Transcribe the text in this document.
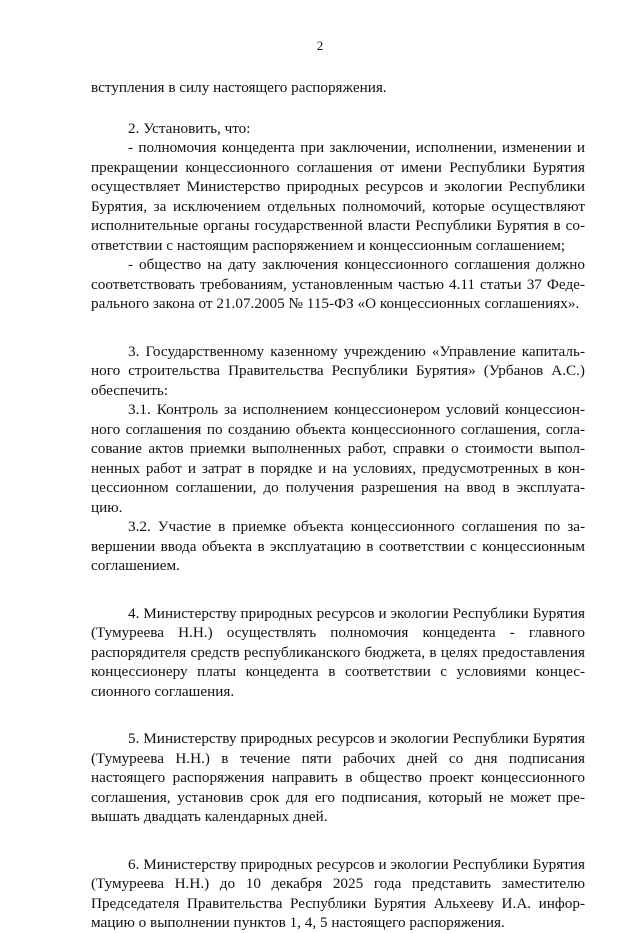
2

вступления в силу настоящего распоряжения.

2. Установить, что:

- полномочия концедента при заключении, исполнении, изменении и прекращении концессионного соглашения от имени Республики Бурятия осуществляет Министерство природных ресурсов и экологии Республики Бурятия, за исключением отдельных полномочий, которые осуществляют исполнительные органы государственной власти Республики Бурятия в соответствии с настоящим распоряжением и концессионным соглашением;

- общество на дату заключения концессионного соглашения должно соответствовать требованиям, установленным частью 4.11 статьи 37 Федерального закона от 21.07.2005 № 115-ФЗ «О концессионных соглашениях».

3. Государственному казенному учреждению «Управление капитального строительства Правительства Республики Бурятия» (Урбанов А.С.) обеспечить:

3.1. Контроль за исполнением концессионером условий концессионного соглашения по созданию объекта концессионного соглашения, согласование актов приемки выполненных работ, справки о стоимости выполненных работ и затрат в порядке и на условиях, предусмотренных в концессионном соглашении, до получения разрешения на ввод в эксплуатацию.

3.2. Участие в приемке объекта концессионного соглашения по завершении ввода объекта в эксплуатацию в соответствии с концессионным соглашением.

4. Министерству природных ресурсов и экологии Республики Бурятия (Тумуреева Н.Н.) осуществлять полномочия концедента - главного распорядителя средств республиканского бюджета, в целях предоставления концессионеру платы концедента в соответствии с условиями концессионного соглашения.

5. Министерству природных ресурсов и экологии Республики Бурятия (Тумуреева Н.Н.) в течение пяти рабочих дней со дня подписания настоящего распоряжения направить в общество проект концессионного соглашения, установив срок для его подписания, который не может превышать двадцать календарных дней.

6. Министерству природных ресурсов и экологии Республики Бурятия (Тумуреева Н.Н.) до 10 декабря 2025 года представить заместителю Председателя Правительства Республики Бурятия Альхееву И.А. информацию о выполнении пунктов 1, 4, 5 настоящего распоряжения.
